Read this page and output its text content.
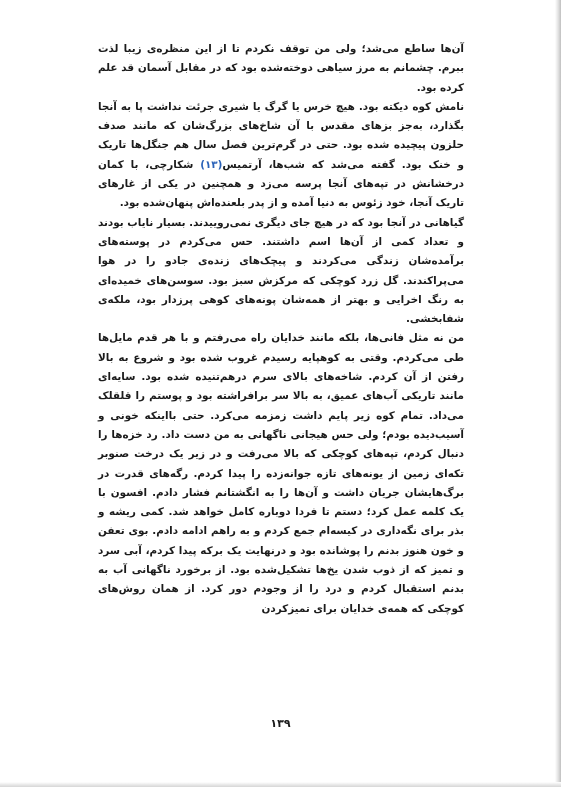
آن‌ها ساطع می‌شد؛ ولی من توقف نکردم تا از این منظره‌ی زیبا لذت ببرم. چشمانم به مرز سیاهی دوخته‌شده بود که در مقابل آسمان قد علم کرده بود.

نامش کوه دیکته بود. هیچ خرس یا گرگ یا شیری جرئت نداشت پا به آنجا بگذارد، به‌جز بزهای مقدس با آن شاخ‌های بزرگ‌شان که مانند صدف حلزون پیچیده شده بود. حتی در گرم‌ترین فصل سال هم جنگل‌ها تاریک و خنک بود. گفته می‌شد که شب‌ها، آرتمیس(۱۳) شکارچی، با کمان درخشانش در تپه‌های آنجا پرسه می‌زد و همچنین در یکی از غارهای تاریک آنجا، خود زئوس به دنیا آمده و از پدر بلعنده‌اش پنهان‌شده بود.

گیاهانی در آنجا بود که در هیچ جای دیگری نمی‌روییدند. بسیار نایاب بودند و تعداد کمی از آن‌ها اسم داشتند. حس می‌کردم در پوسته‌های برآمده‌شان زندگی می‌کردند و پیچک‌های زنده‌ی جادو را در هوا می‌پراکندند. گل زرد کوچکی که مرکزش سبز بود. سوسن‌های خمیده‌ای به رنگ اخرایی و بهتر از همه‌شان پونه‌های کوهی پرزدار بود، ملکه‌ی شفابخشی.

من نه مثل فانی‌ها، بلکه مانند خدایان راه می‌رفتم و با هر قدم مایل‌ها طی می‌کردم. وقتی به کوهپایه رسیدم غروب شده بود و شروع به بالا رفتن از آن کردم. شاخه‌های بالای سرم درهم‌تنیده شده بود. سایه‌ای مانند تاریکی آب‌های عمیق، به بالا سر برافراشته بود و پوستم را قلقلک می‌داد. تمام کوه زیر پایم داشت زمزمه می‌کرد. حتی بااینکه خونی و آسیب‌دیده بودم؛ ولی حس هیجانی ناگهانی به من دست داد. رد خزه‌ها را دنبال کردم، تپه‌های کوچکی که بالا می‌رفت و در زیر یک درخت صنوبر تکه‌ای زمین از یونه‌های تازه جوانه‌زده را پیدا کردم. رگه‌های قدرت در برگ‌هایشان جریان داشت و آن‌ها را به انگشتانم فشار دادم. افسون با یک کلمه عمل کرد؛ دستم تا فردا دوباره کامل خواهد شد. کمی ریشه و بذر برای نگه‌داری در کیسه‌ام جمع کردم و به راهم ادامه دادم. بوی تعفن و خون هنوز بدنم را پوشانده بود و درنهایت یک برکه پیدا کردم، آبی سرد و تمیز که از ذوب شدن یخ‌ها تشکیل‌شده بود. از برخورد ناگهانی آب به بدنم استقبال کردم و درد را از وجودم دور کرد. از همان روش‌های کوچکی که همه‌ی خدایان برای تمیزکردن

۱۳۹
